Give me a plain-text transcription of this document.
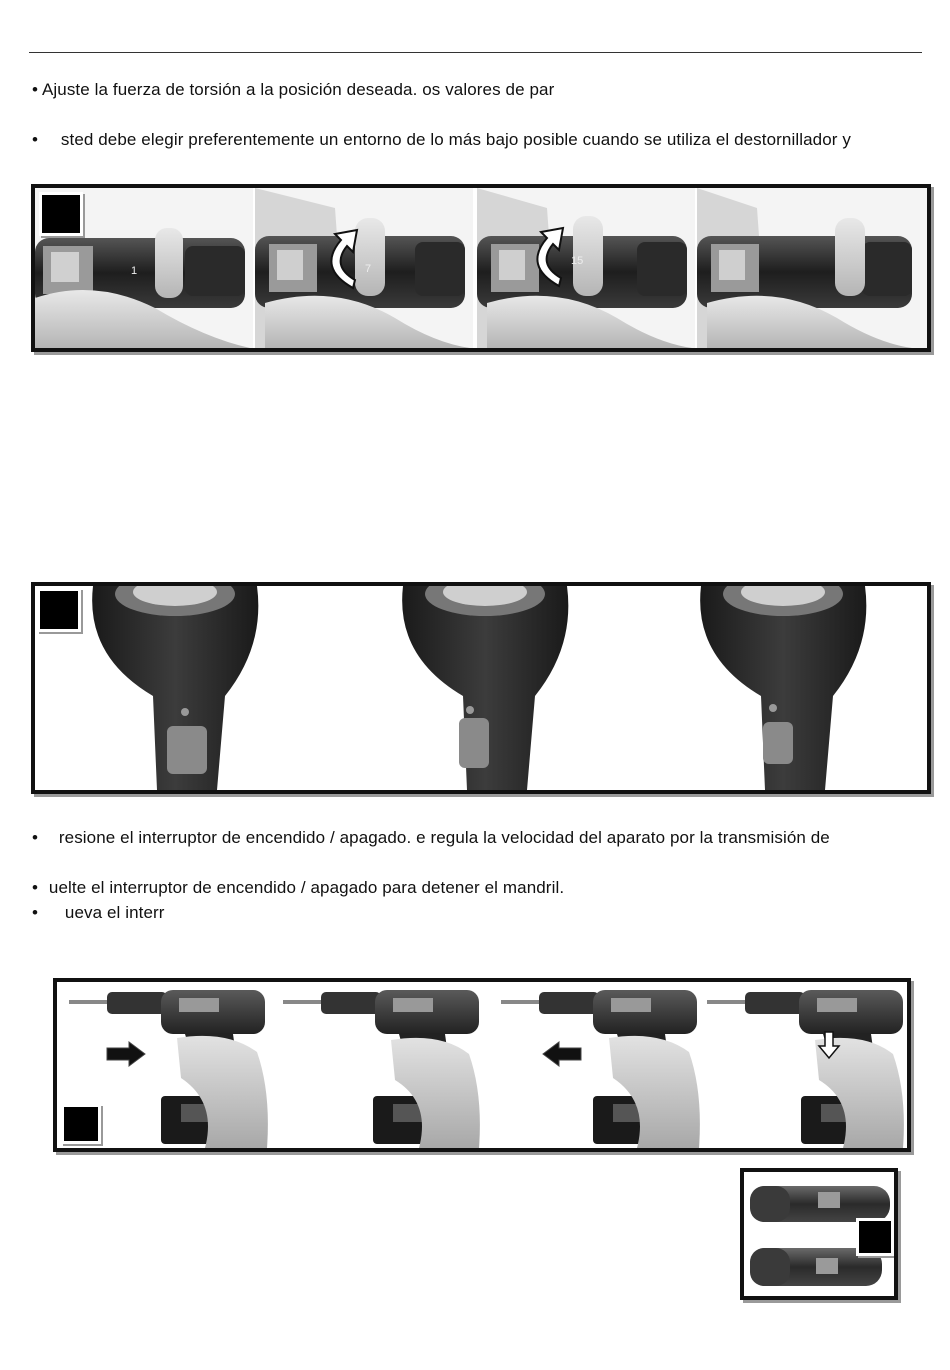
• Ajuste la fuerza de torsión a la posición deseada. os valores de par
• sted debe elegir preferentemente un entorno de lo más bajo posible cuando se utiliza el destornillador y
1	7
15
• resione el interruptor de encendido / apagado. e regula la velocidad del aparato por la transmisión de
• uelte el interruptor de encendido / apagado para detener el mandril.
• ueva el interr
